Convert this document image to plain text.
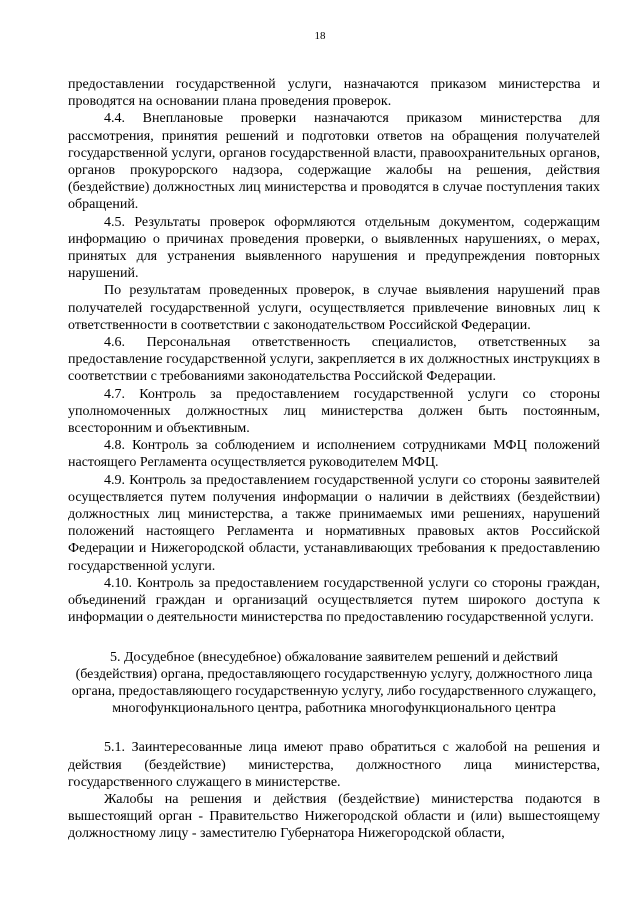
18

предоставлении государственной услуги, назначаются приказом министерства и проводятся на основании плана проведения проверок.

4.4. Внеплановые проверки назначаются приказом министерства для рассмотрения, принятия решений и подготовки ответов на обращения получателей государственной услуги, органов государственной власти, правоохранительных органов, органов прокурорского надзора, содержащие жалобы на решения, действия (бездействие) должностных лиц министерства и проводятся в случае поступления таких обращений.

4.5. Результаты проверок оформляются отдельным документом, содержащим информацию о причинах проведения проверки, о выявленных нарушениях, о мерах, принятых для устранения выявленного нарушения и предупреждения повторных нарушений.

По результатам проведенных проверок, в случае выявления нарушений прав получателей государственной услуги, осуществляется привлечение виновных лиц к ответственности в соответствии с законодательством Российской Федерации.

4.6. Персональная ответственность специалистов, ответственных за предоставление государственной услуги, закрепляется в их должностных инструкциях в соответствии с требованиями законодательства Российской Федерации.

4.7. Контроль за предоставлением государственной услуги со стороны уполномоченных должностных лиц министерства должен быть постоянным, всесторонним и объективным.

4.8. Контроль за соблюдением и исполнением сотрудниками МФЦ положений настоящего Регламента осуществляется руководителем МФЦ.

4.9. Контроль за предоставлением государственной услуги со стороны заявителей осуществляется путем получения информации о наличии в действиях (бездействии) должностных лиц министерства, а также принимаемых ими решениях, нарушений положений настоящего Регламента и нормативных правовых актов Российской Федерации и Нижегородской области, устанавливающих требования к предоставлению государственной услуги.

4.10. Контроль за предоставлением государственной услуги со стороны граждан, объединений граждан и организаций осуществляется путем широкого доступа к информации о деятельности министерства по предоставлению государственной услуги.

5. Досудебное (внесудебное) обжалование заявителем решений и действий (бездействия) органа, предоставляющего государственную услугу, должностного лица органа, предоставляющего государственную услугу, либо государственного служащего, многофункционального центра, работника многофункционального центра

5.1. Заинтересованные лица имеют право обратиться с жалобой на решения и действия (бездействие) министерства, должностного лица министерства, государственного служащего в министерстве.

Жалобы на решения и действия (бездействие) министерства подаются в вышестоящий орган - Правительство Нижегородской области и (или) вышестоящему должностному лицу - заместителю Губернатора Нижегородской области,
